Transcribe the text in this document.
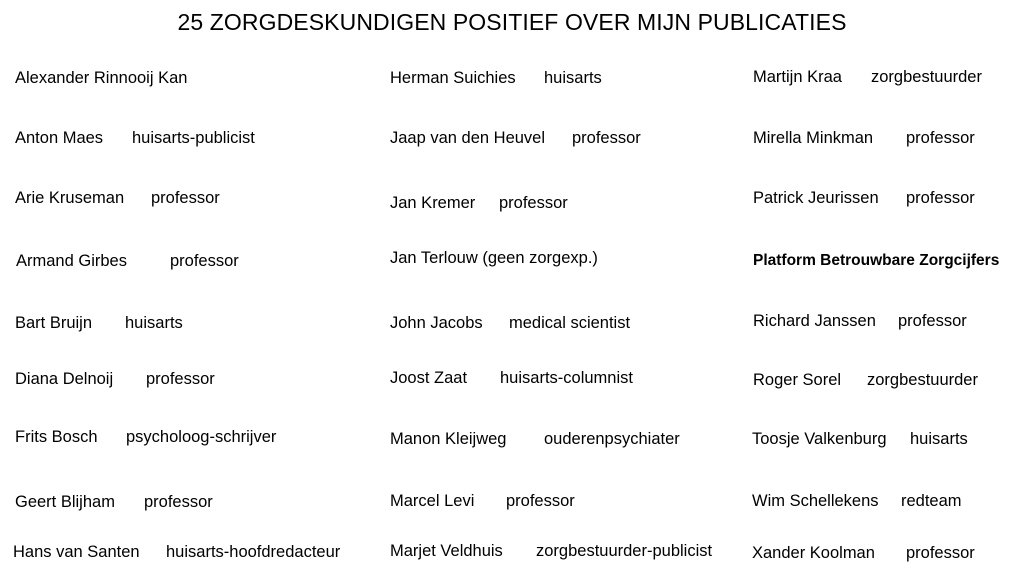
25 ZORGDESKUNDIGEN POSITIEF OVER MIJN PUBLICATIES
Alexander Rinnooij Kan
Anton Maes huisarts-publicist
Arie Kruseman professor
Armand Girbes	professor
Bart Bruijn huisarts
Diana Delnoij professor
Frits Bosch psycholoog-schrijver
Geert Blijham professor
Hans van Santen huisarts-hoofdredacteur
Herman Suichies huisarts
Jaap van den Heuvel professor
Jan Kremer professor
Jan Terlouw (geen zorgexp.)
John Jacobs medical scientist
Joost Zaat huisarts-columnist
Manon Kleijweg ouderenpsychiater
Marcel Levi professor
Marjet Veldhuis zorgbestuurder-publicist
Martijn Kraa zorgbestuurder
Mirella Minkman professor
Patrick Jeurissen professor
Platform Betrouwbare Zorgcijfers
Richard Janssen professor
Roger Sorel zorgbestuurder
Toosje Valkenburg huisarts
Wim Schellekens redteam
Xander Koolman professor
